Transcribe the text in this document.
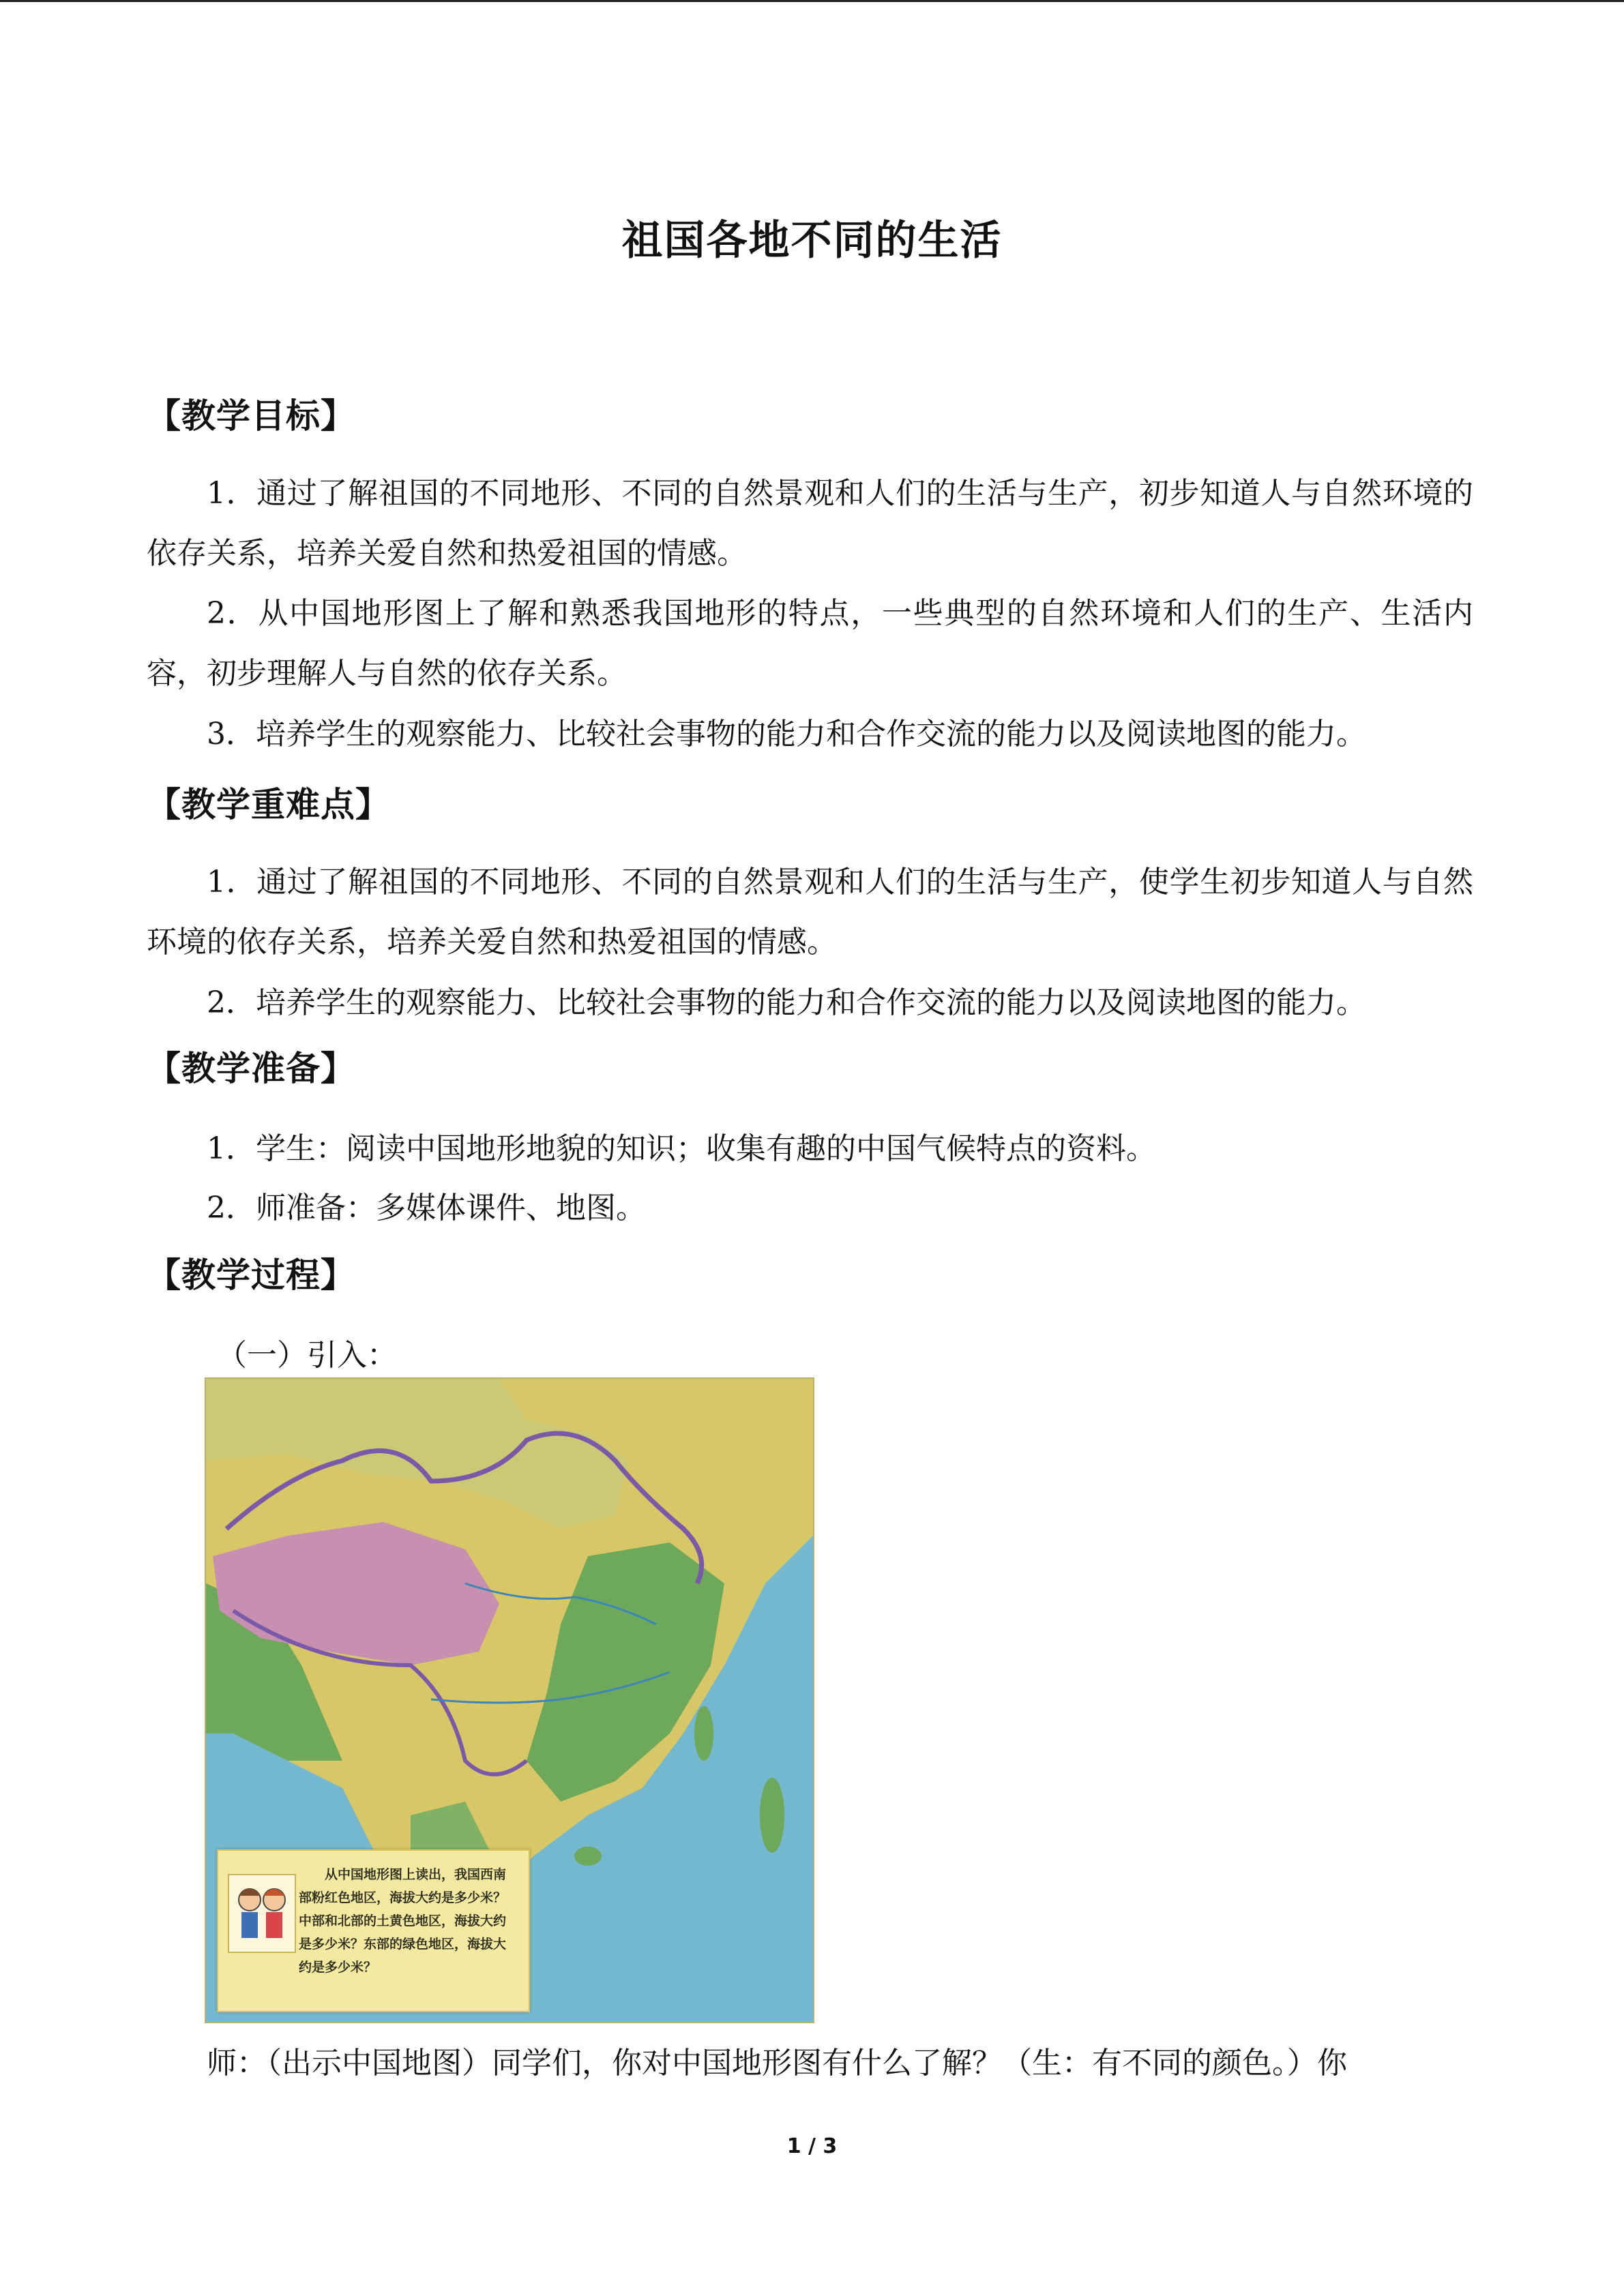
祖国各地不同的生活
【教学目标】
1．通过了解祖国的不同地形、不同的自然景观和人们的生活与生产，初步知道人与自然环境的依存关系，培养关爱自然和热爱祖国的情感。
2．从中国地形图上了解和熟悉我国地形的特点，一些典型的自然环境和人们的生产、生活内容，初步理解人与自然的依存关系。
3．培养学生的观察能力、比较社会事物的能力和合作交流的能力以及阅读地图的能力。
【教学重难点】
1．通过了解祖国的不同地形、不同的自然景观和人们的生活与生产，使学生初步知道人与自然环境的依存关系，培养关爱自然和热爱祖国的情感。
2．培养学生的观察能力、比较社会事物的能力和合作交流的能力以及阅读地图的能力。
【教学准备】
1．学生：阅读中国地形地貌的知识；收集有趣的中国气候特点的资料。
2．师准备：多媒体课件、地图。
【教学过程】
（一）引入：
从中国地形图上读出，我国西南部粉红色地区，海拔大约是多少米？中部和北部的土黄色地区，海拔大约是多少米？东部的绿色地区，海拔大约是多少米？
师：（出示中国地图）同学们，你对中国地形图有什么了解？（生：有不同的颜色。）你
1 / 3
